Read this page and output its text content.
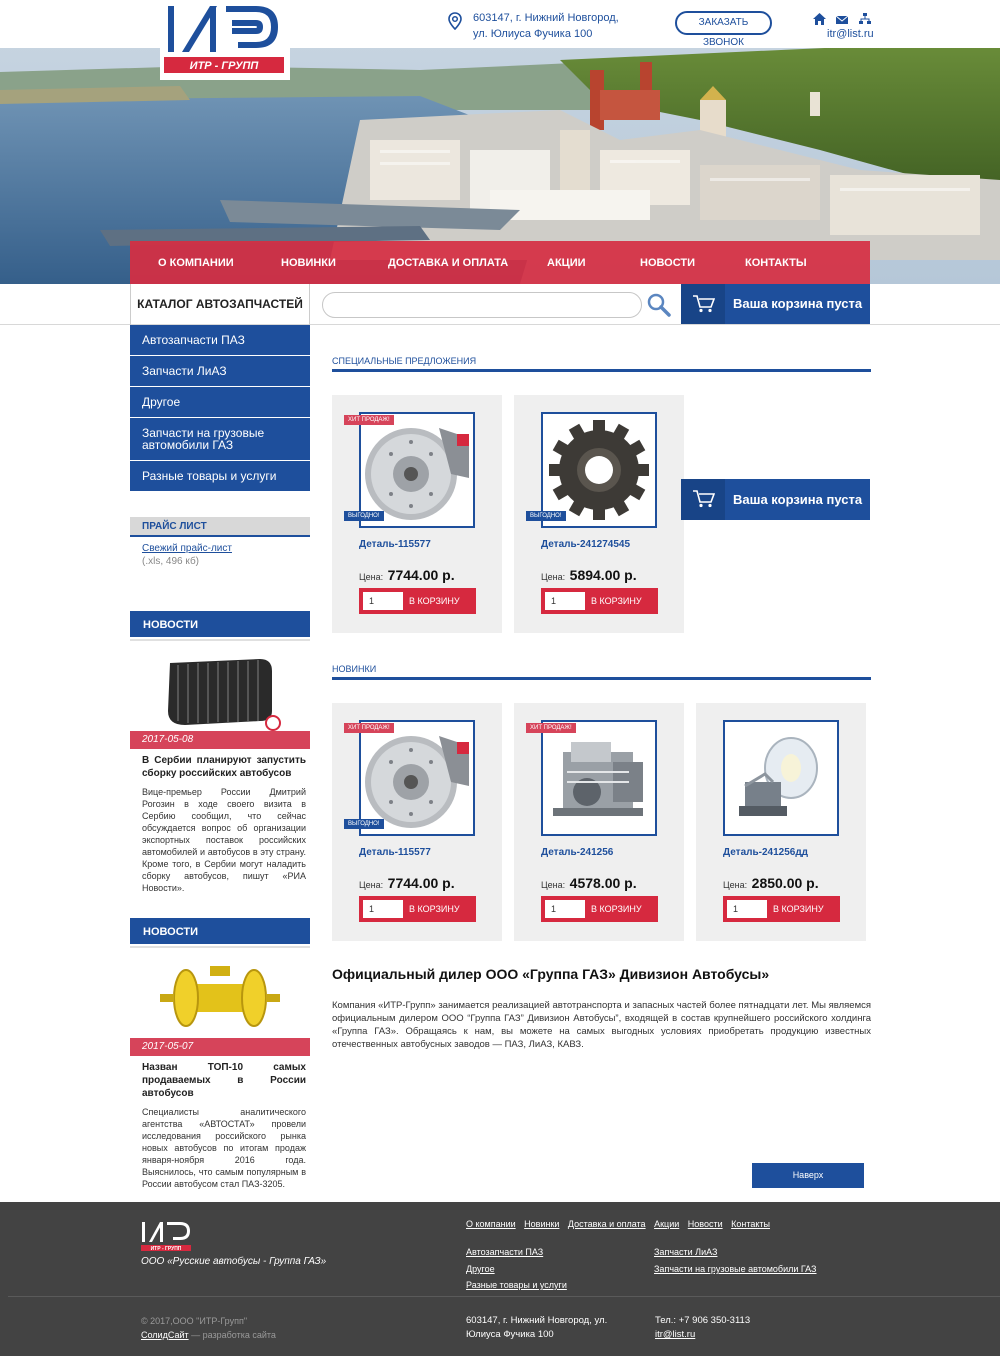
ИТР - ГРУПП
603147, г. Нижний Новгород,
ул. Юлиуса Фучика 100
ЗАКАЗАТЬ ЗВОНОК
itr@list.ru
О КОМПАНИИ	НОВИНКИ	ДОСТАВКА И ОПЛАТА	АКЦИИ	НОВОСТИ	КОНТАКТЫ
КАТАЛОГ АВТОЗАПЧАСТЕЙ	Ваша корзина пуста
Автозапчасти ПАЗ
Запчасти ЛиАЗ
Другое
Запчасти на грузовые автомобили ГАЗ
Разные товары и услуги
ПРАЙС ЛИСТ
Свежий прайс-лист
(.xls, 496 кб)
НОВОСТИ
2017-05-08
В Сербии планируют запустить сборку российских автобусов
Вице-премьер России Дмитрий Рогозин в ходе своего визита в Сербию сообщил, что сейчас обсуждается вопрос об организации экспортных поставок российских автомобилей и автобусов в эту страну. Кроме того, в Сербии могут наладить сборку автобусов, пишут «РИА Новости».
НОВОСТИ
2017-05-07
Назван ТОП-10 самых продаваемых в России автобусов
Специалисты аналитического агентства «АВТОСТАТ» провели исследования российского рынка новых автобусов по итогам продаж января-ноября 2016 года. Выяснилось, что самым популярным в России автобусом стал ПАЗ-3205.
СПЕЦИАЛЬНЫЕ ПРЕДЛОЖЕНИЯ
ХИТ ПРОДАЖ!
ВЫГОДНО!
Деталь-115577
Цена: 7744.00 р.
1	В КОРЗИНУ
ВЫГОДНО!
Деталь-241274545
Цена: 5894.00 р.
1	В КОРЗИНУ
Ваша корзина пуста
НОВИНКИ
ХИТ ПРОДАЖ!
ВЫГОДНО!
Деталь-115577
Цена: 7744.00 р.
1	В КОРЗИНУ
ХИТ ПРОДАЖ!
Деталь-241256
Цена: 4578.00 р.
1	В КОРЗИНУ
Деталь-241256дд
Цена: 2850.00 р.
1	В КОРЗИНУ
Официальный дилер ООО «Группа ГАЗ» Дивизион Автобусы»
Компания «ИТР-Групп» занимается реализацией автотранспорта и запасных частей более пятнадцати лет. Мы являемся официальным дилером ООО “Группа ГАЗ” Дивизион Автобусы”, входящей в состав крупнейшего российского холдинга «Группа ГАЗ». Обращаясь к нам, вы можете на самых выгодных условиях приобретать продукцию известных отечественных автобусных заводов — ПАЗ, ЛиАЗ, КАВЗ.
Наверх
ИТР - ГРУПП
ООО «Русские автобусы - Группа ГАЗ»
О компании Новинки Доставка и оплата Акции Новости Контакты
Автозапчасти ПАЗ
Другое
Разные товары и услуги
Запчасти ЛиАЗ
Запчасти на грузовые автомобили ГАЗ
© 2017,ООО "ИТР-Групп"
СолидСайт — разработка сайта
603147, г. Нижний Новгород, ул. Юлиуса Фучика 100
Тел.: +7 906 350-3113
itr@list.ru
